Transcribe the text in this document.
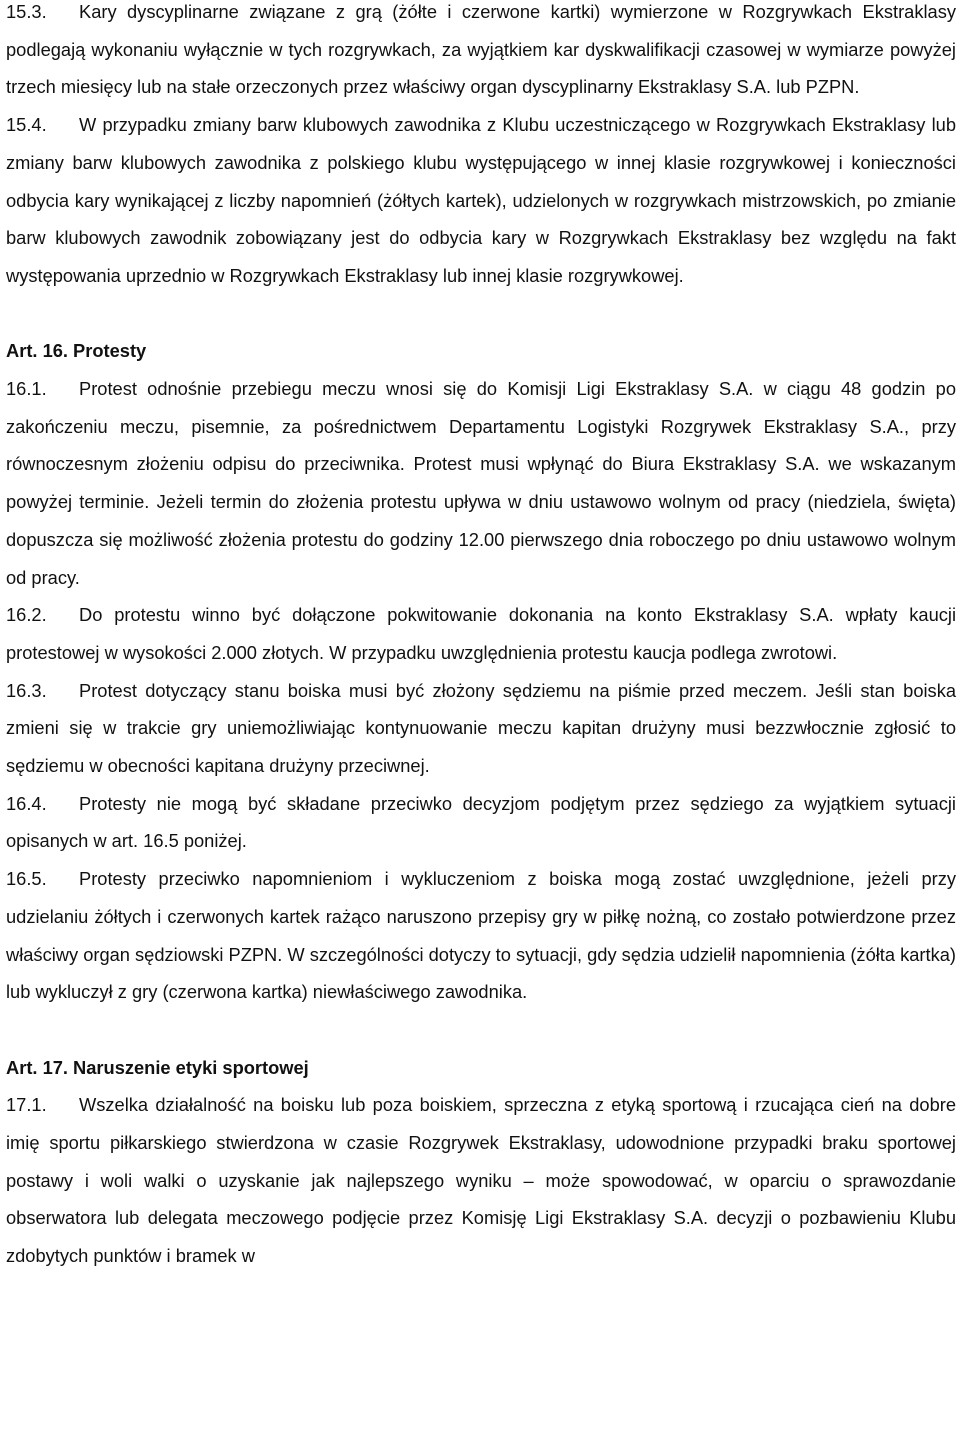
15.3. Kary dyscyplinarne związane z grą (żółte i czerwone kartki) wymierzone w Rozgrywkach Ekstraklasy podlegają wykonaniu wyłącznie w tych rozgrywkach, za wyjątkiem kar dyskwalifikacji czasowej w wymiarze powyżej trzech miesięcy lub na stałe orzeczonych przez właściwy organ dyscyplinarny Ekstraklasy S.A. lub PZPN.
15.4. W przypadku zmiany barw klubowych zawodnika z Klubu uczestniczącego w Rozgrywkach Ekstraklasy lub zmiany barw klubowych zawodnika z polskiego klubu występującego w innej klasie rozgrywkowej i konieczności odbycia kary wynikającej z liczby napomnień (żółtych kartek), udzielonych w rozgrywkach mistrzowskich, po zmianie barw klubowych zawodnik zobowiązany jest do odbycia kary w Rozgrywkach Ekstraklasy bez względu na fakt występowania uprzednio w Rozgrywkach Ekstraklasy lub innej klasie rozgrywkowej.
Art. 16. Protesty
16.1. Protest odnośnie przebiegu meczu wnosi się do Komisji Ligi Ekstraklasy S.A. w ciągu 48 godzin po zakończeniu meczu, pisemnie, za pośrednictwem Departamentu Logistyki Rozgrywek Ekstraklasy S.A., przy równoczesnym złożeniu odpisu do przeciwnika. Protest musi wpłynąć do Biura Ekstraklasy S.A. we wskazanym powyżej terminie. Jeżeli termin do złożenia protestu upływa w dniu ustawowo wolnym od pracy (niedziela, święta) dopuszcza się możliwość złożenia protestu do godziny 12.00 pierwszego dnia roboczego po dniu ustawowo wolnym od pracy.
16.2. Do protestu winno być dołączone pokwitowanie dokonania na konto Ekstraklasy S.A. wpłaty kaucji protestowej w wysokości 2.000 złotych. W przypadku uwzględnienia protestu kaucja podlega zwrotowi.
16.3. Protest dotyczący stanu boiska musi być złożony sędziemu na piśmie przed meczem. Jeśli stan boiska zmieni się w trakcie gry uniemożliwiając kontynuowanie meczu kapitan drużyny musi bezzwłocznie zgłosić to sędziemu w obecności kapitana drużyny przeciwnej.
16.4. Protesty nie mogą być składane przeciwko decyzjom podjętym przez sędziego za wyjątkiem sytuacji opisanych w art. 16.5 poniżej.
16.5. Protesty przeciwko napomnieniom i wykluczeniom z boiska mogą zostać uwzględnione, jeżeli przy udzielaniu żółtych i czerwonych kartek rażąco naruszono przepisy gry w piłkę nożną, co zostało potwierdzone przez właściwy organ sędziowski PZPN. W szczególności dotyczy to sytuacji, gdy sędzia udzielił napomnienia (żółta kartka) lub wykluczył z gry (czerwona kartka) niewłaściwego zawodnika.
Art. 17. Naruszenie etyki sportowej
17.1. Wszelka działalność na boisku lub poza boiskiem, sprzeczna z etyką sportową i rzucająca cień na dobre imię sportu piłkarskiego stwierdzona w czasie Rozgrywek Ekstraklasy, udowodnione przypadki braku sportowej postawy i woli walki o uzyskanie jak najlepszego wyniku – może spowodować, w oparciu o sprawozdanie obserwatora lub delegata meczowego podjęcie przez Komisję Ligi Ekstraklasy S.A. decyzji o pozbawieniu Klubu zdobytych punktów i bramek w
